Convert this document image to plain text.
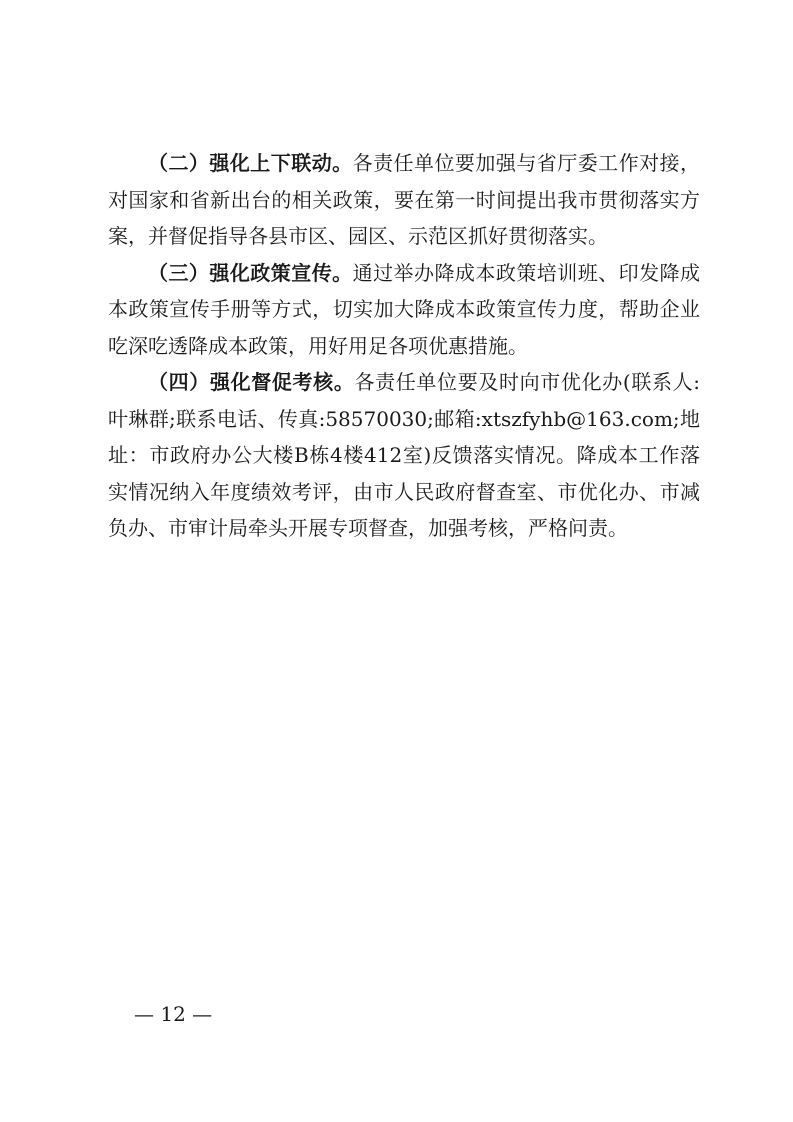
（二）强化上下联动。各责任单位要加强与省厅委工作对接，对国家和省新出台的相关政策，要在第一时间提出我市贯彻落实方案，并督促指导各县市区、园区、示范区抓好贯彻落实。

（三）强化政策宣传。通过举办降成本政策培训班、印发降成本政策宣传手册等方式，切实加大降成本政策宣传力度，帮助企业吃深吃透降成本政策，用好用足各项优惠措施。

（四）强化督促考核。各责任单位要及时向市优化办(联系人:叶琳群;联系电话、传真:58570030;邮箱:xtszfyhb@163.com;地址：市政府办公大楼B栋4楼412室)反馈落实情况。降成本工作落实情况纳入年度绩效考评，由市人民政府督查室、市优化办、市减负办、市审计局牵头开展专项督查，加强考核，严格问责。

— 12 —
